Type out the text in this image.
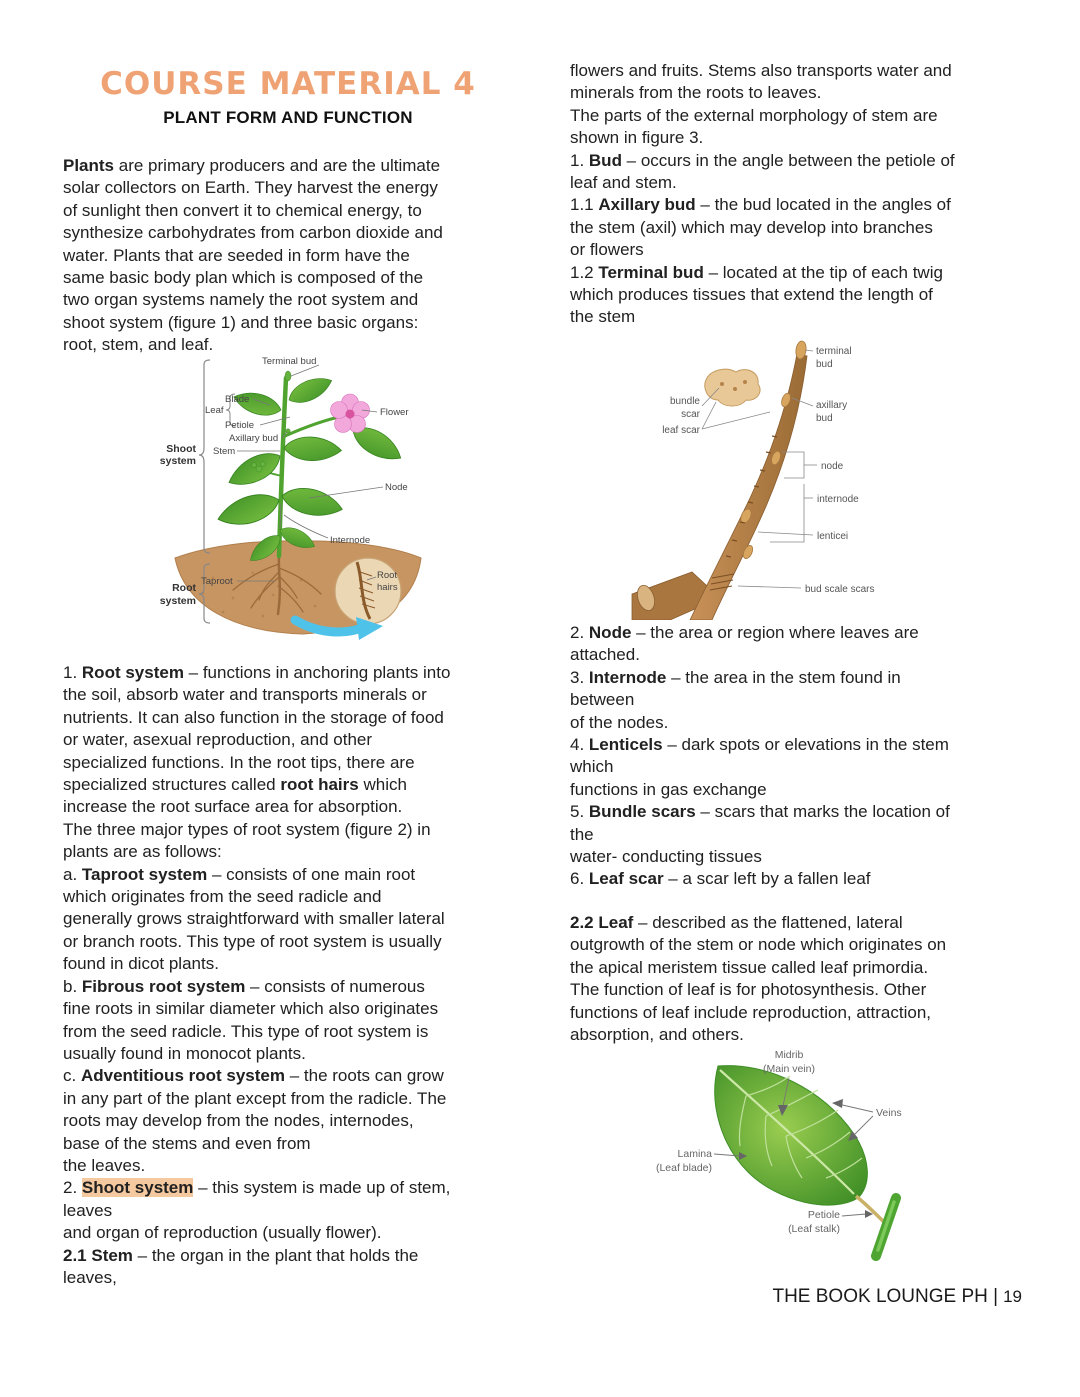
COURSE MATERIAL 4
PLANT FORM AND FUNCTION
Plants are primary producers and are the ultimate
solar collectors on Earth. They harvest the energy
of sunlight then convert it to chemical energy, to
synthesize carbohydrates from carbon dioxide and
water. Plants that are seeded in form have the
same basic body plan which is composed of the
two organ systems namely the root system and
shoot system (figure 1) and three basic organs:
root, stem, and leaf.
Root
hairs
Shoot
system
Root
system
Terminal bud
Blade
Leaf
Petiole
Axillary bud
Stem
Flower
Node
Internode
Taproot
1. Root system – functions in anchoring plants into
the soil, absorb water and transports minerals or
nutrients. It can also function in the storage of food
or water, asexual reproduction, and other
specialized functions. In the root tips, there are
specialized structures called root hairs which
increase the root surface area for absorption.
The three major types of root system (figure 2) in
plants are as follows:
a. Taproot system – consists of one main root
which originates from the seed radicle and
generally grows straightforward with smaller lateral
or branch roots. This type of root system is usually
found in dicot plants.
b. Fibrous root system – consists of numerous
fine roots in similar diameter which also originates
from the seed radicle. This type of root system is
usually found in monocot plants.
c. Adventitious root system – the roots can grow
in any part of the plant except from the radicle. The
roots may develop from the nodes, internodes,
base of the stems and even from
the leaves.
2. Shoot system – this system is made up of stem,
leaves
and organ of reproduction (usually flower).
2.1 Stem – the organ in the plant that holds the
leaves,
flowers and fruits. Stems also transports water and
minerals from the roots to leaves.
The parts of the external morphology of stem are
shown in figure 3.
1. Bud – occurs in the angle between the petiole of
leaf and stem.
1.1 Axillary bud – the bud located in the angles of
the stem (axil) which may develop into branches
or flowers
1.2 Terminal bud – located at the tip of each twig
which produces tissues that extend the length of
the stem
terminal
bud
bundle
scar
leaf scar
axillary
bud
node
internode
lenticei
bud scale scars
2. Node – the area or region where leaves are
attached.
3. Internode – the area in the stem found in
between
of the nodes.
4. Lenticels – dark spots or elevations in the stem
which
functions in gas exchange
5. Bundle scars – scars that marks the location of
the
water- conducting tissues
6. Leaf scar – a scar left by a fallen leaf
2.2 Leaf – described as the flattened, lateral
outgrowth of the stem or node which originates on
the apical meristem tissue called leaf primordia.
The function of leaf is for photosynthesis. Other
functions of leaf include reproduction, attraction,
absorption, and others.
Midrib
(Main vein)
Veins
Lamina
(Leaf blade)
Petiole
(Leaf stalk)
THE BOOK LOUNGE PH | 19
